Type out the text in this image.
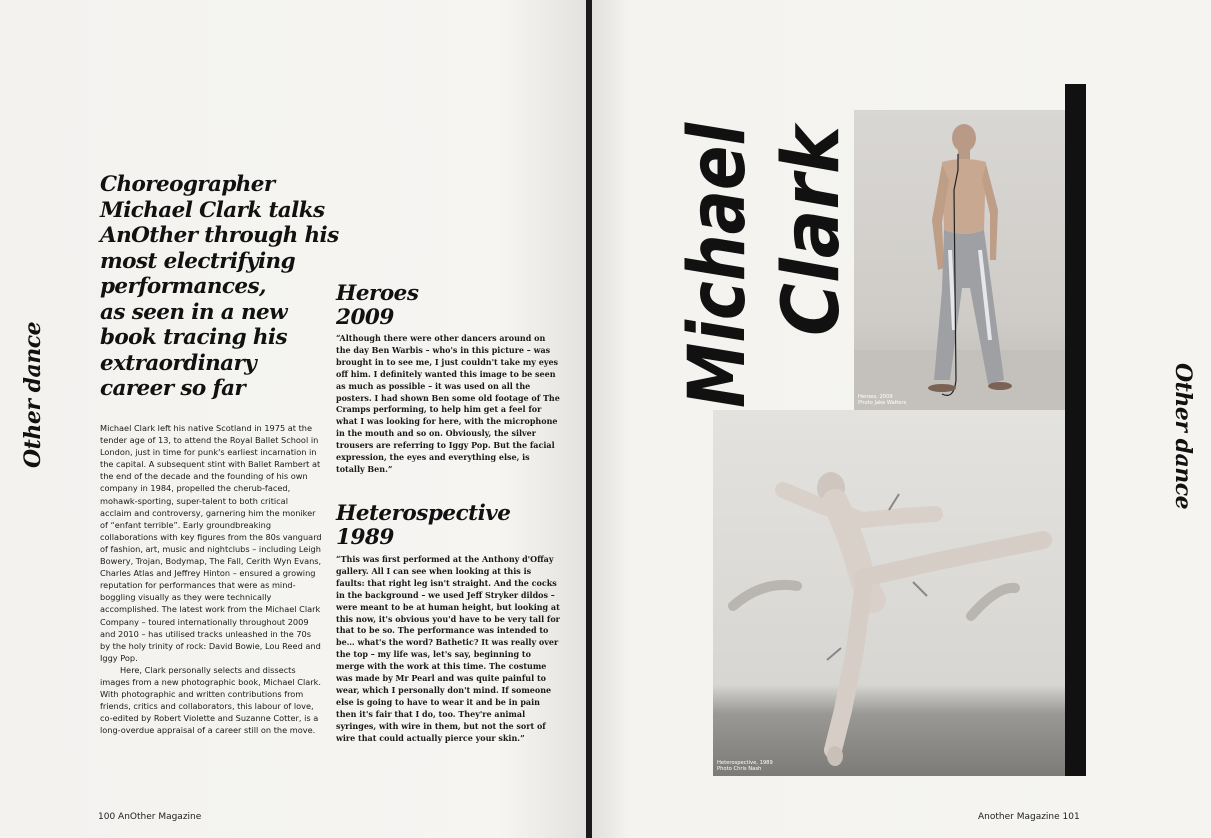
Other dance
Choreographer
Michael Clark talks
AnOther through his
most electrifying
performances,
as seen in a new
book tracing his
extraordinary
career so far

Michael Clark left his native Scotland in 1975 at the tender age of 13, to attend the Royal Ballet School in London, just in time for punk's earliest incarnation in the capital. A subsequent stint with Ballet Rambert at the end of the decade and the founding of his own company in 1984, propelled the cherub-faced, mohawk-sporting, super-talent to both critical acclaim and controversy, garnering him the moniker of “enfant terrible”. Early groundbreaking collaborations with key figures from the 80s vanguard of fashion, art, music and nightclubs – including Leigh Bowery, Trojan, Bodymap, The Fall, Cerith Wyn Evans, Charles Atlas and Jeffrey Hinton – ensured a growing reputation for performances that were as mind-boggling visually as they were technically accomplished. The latest work from the Michael Clark Company – toured internationally throughout 2009 and 2010 – has utilised tracks unleashed in the 70s by the holy trinity of rock: David Bowie, Lou Reed and Iggy Pop.

Here, Clark personally selects and dissects images from a new photographic book, Michael Clark. With photographic and written contributions from friends, critics and collaborators, this labour of love, co-edited by Robert Violette and Suzanne Cotter, is a long-overdue appraisal of a career still on the move.

Heroes
2009
“Although there were other dancers around on the day Ben Warbis – who's in this picture – was brought in to see me, I just couldn't take my eyes off him. I definitely wanted this image to be seen as much as possible – it was used on all the posters. I had shown Ben some old footage of The Cramps performing, to help him get a feel for what I was looking for here, with the microphone in the mouth and so on. Obviously, the silver trousers are referring to Iggy Pop. But the facial expression, the eyes and everything else, is totally Ben.”
Heterospective
1989
“This was first performed at the Anthony d'Offay gallery. All I can see when looking at this is faults: that right leg isn't straight. And the cocks in the background – we used Jeff Stryker dildos – were meant to be at human height, but looking at this now, it's obvious you'd have to be very tall for that to be so. The performance was intended to be… what's the word? Bathetic? It was really over the top – my life was, let's say, beginning to merge with the work at this time. The costume was made by Mr Pearl and was quite painful to wear, which I personally don't mind. If someone else is going to have to wear it and be in pain then it's fair that I do, too. They're animal syringes, with wire in them, but not the sort of wire that could actually pierce your skin.”
100 AnOther Magazine
Other dance
Another Magazine 101
Michael Clark
Heroes, 2009
Photo Jake Walters
Heterospective, 1989
Photo Chris Nash
